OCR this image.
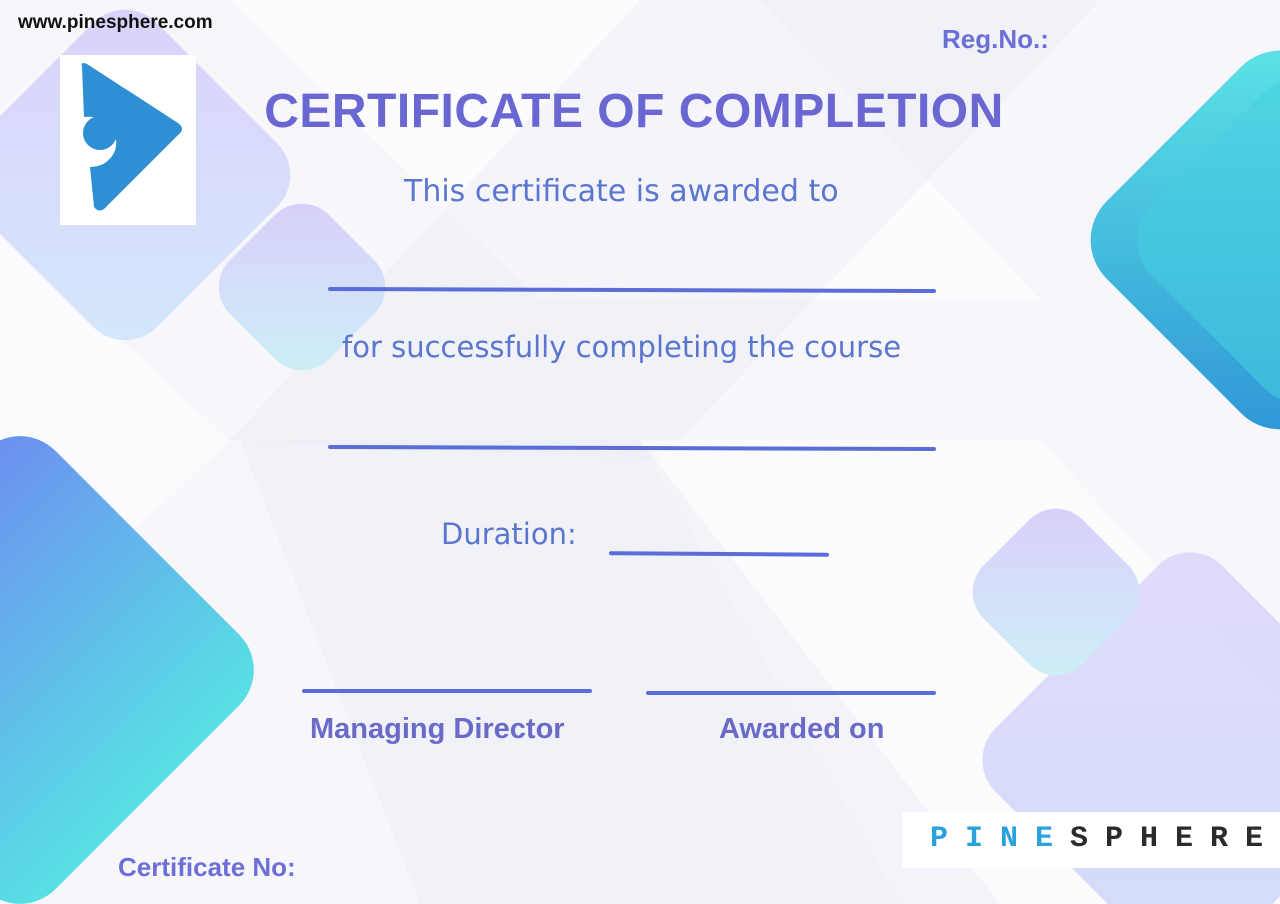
www.pinesphere.com
Reg.No.:
CERTIFICATE OF COMPLETION
This certificate is awarded to
for successfully completing the course
Duration:
Managing Director	Awarded on
Certificate No:
PINESPHERE
